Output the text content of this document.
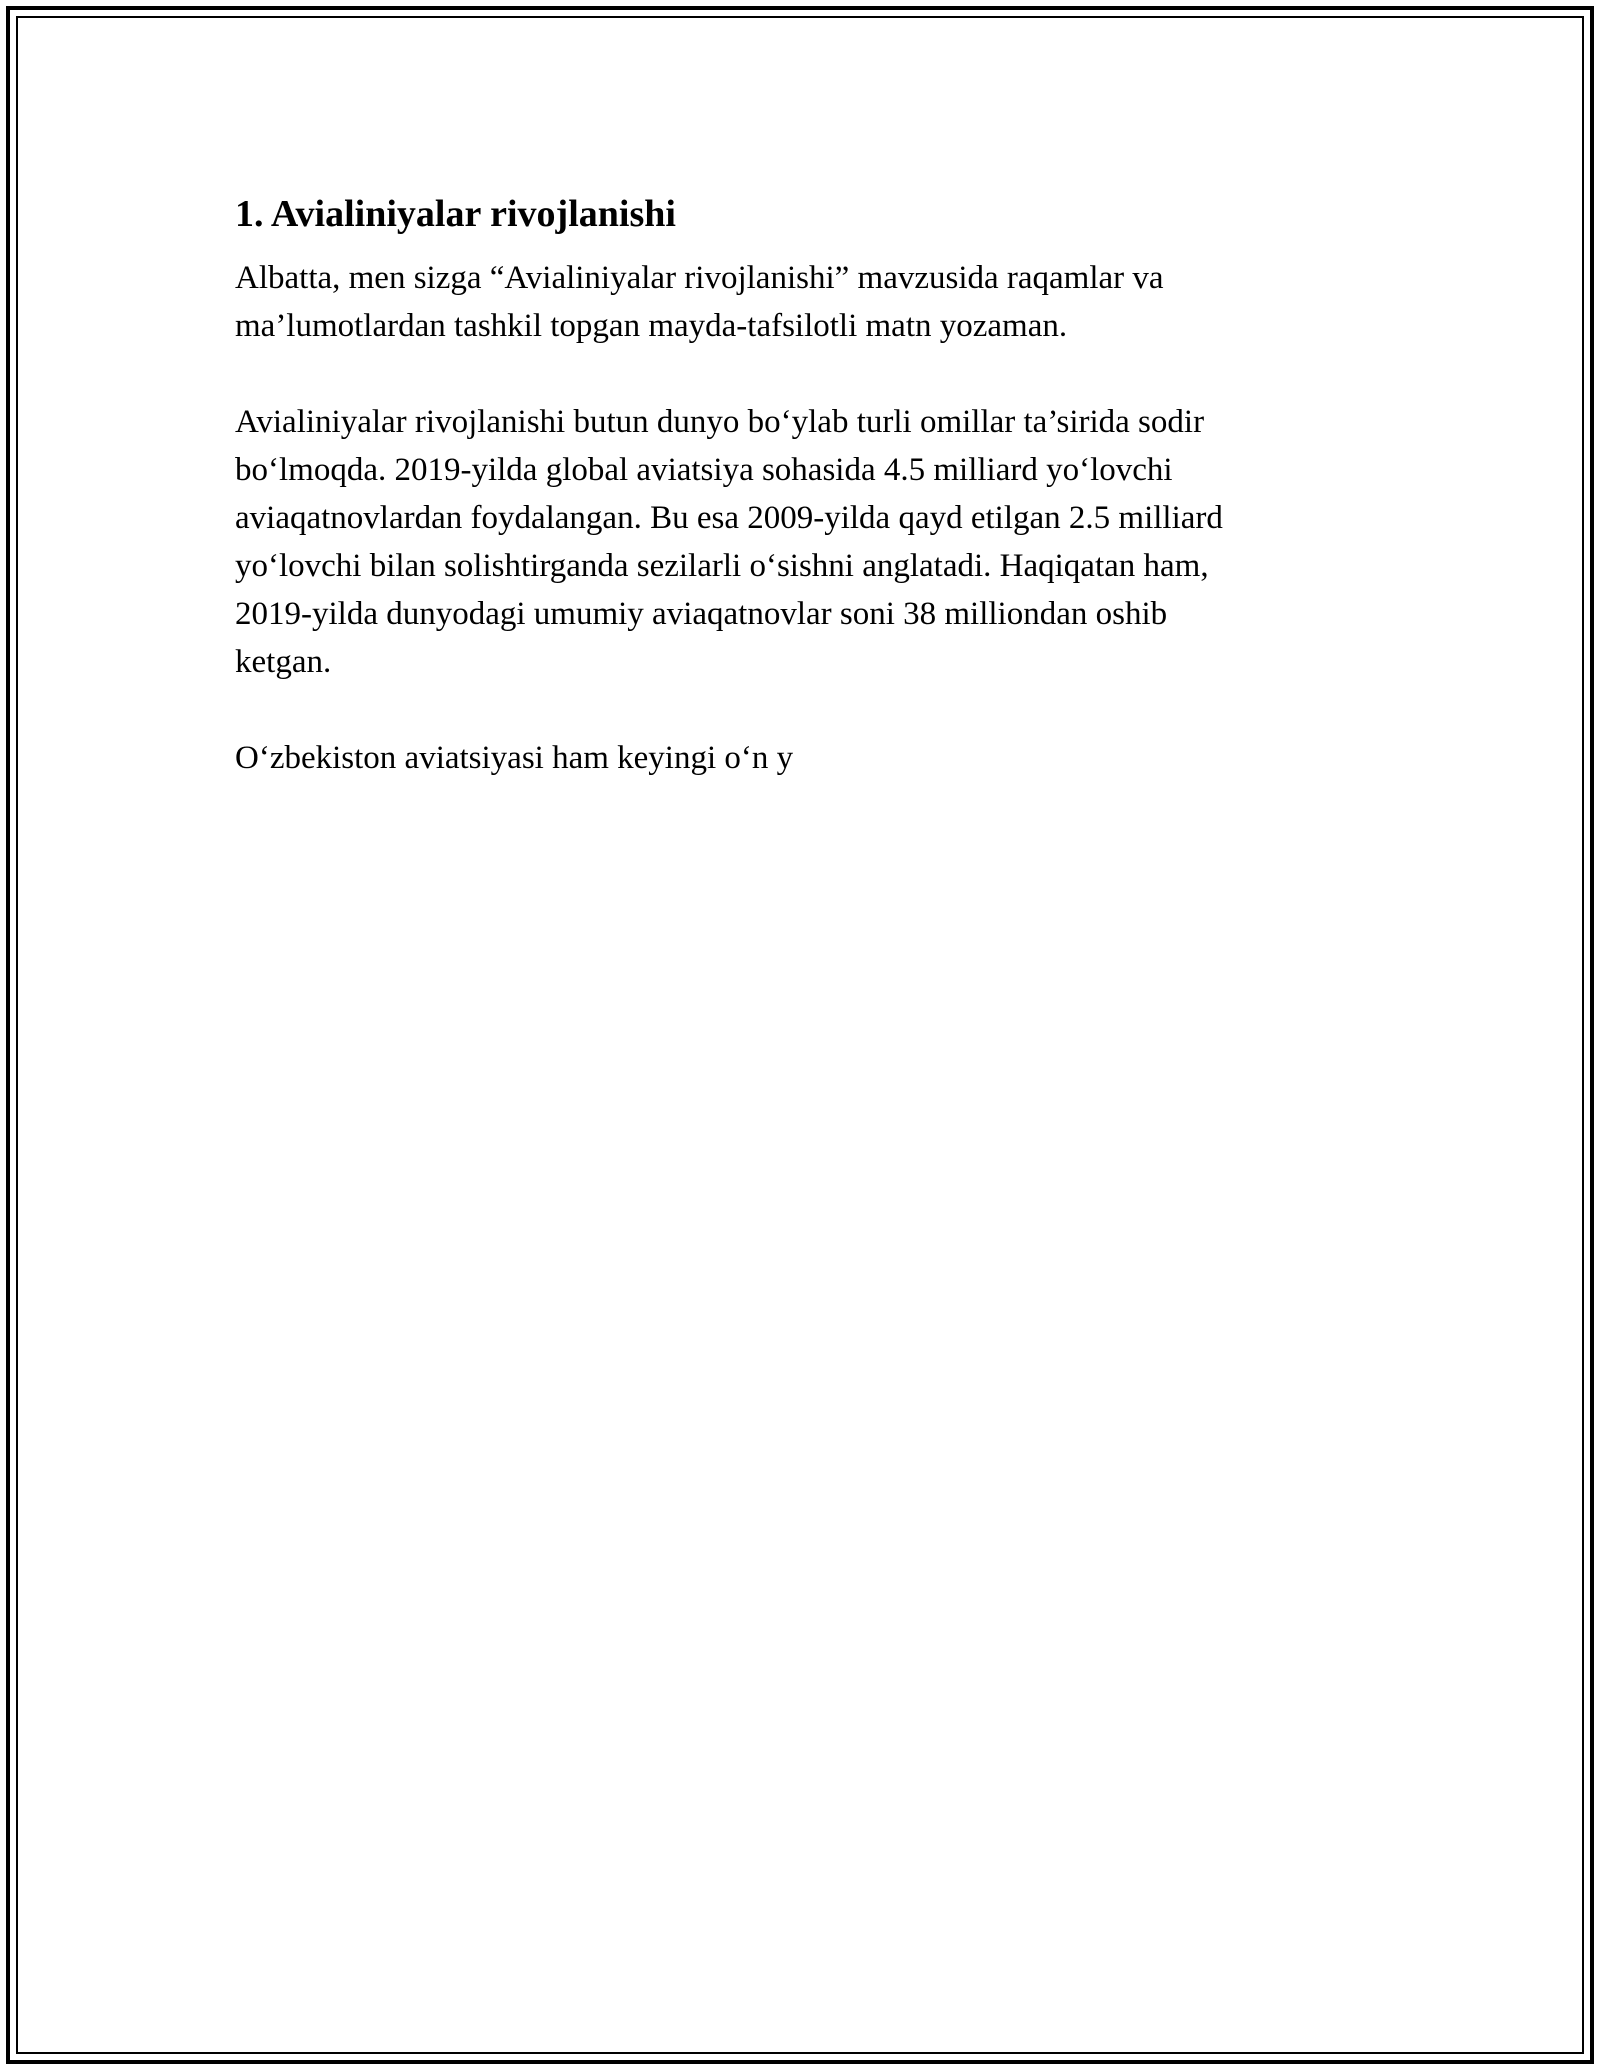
1. Avialiniyalar rivojlanishi

Albatta, men sizga “Avialiniyalar rivojlanishi” mavzusida raqamlar va
ma’lumotlardan tashkil topgan mayda-tafsilotli matn yozaman.

Avialiniyalar rivojlanishi butun dunyo bo‘ylab turli omillar ta’sirida sodir
bo‘lmoqda. 2019-yilda global aviatsiya sohasida 4.5 milliard yo‘lovchi
aviaqatnovlardan foydalangan. Bu esa 2009-yilda qayd etilgan 2.5 milliard
yo‘lovchi bilan solishtirganda sezilarli o‘sishni anglatadi. Haqiqatan ham,
2019-yilda dunyodagi umumiy aviaqatnovlar soni 38 milliondan oshib
ketgan.

O‘zbekiston aviatsiyasi ham keyingi o‘n y
